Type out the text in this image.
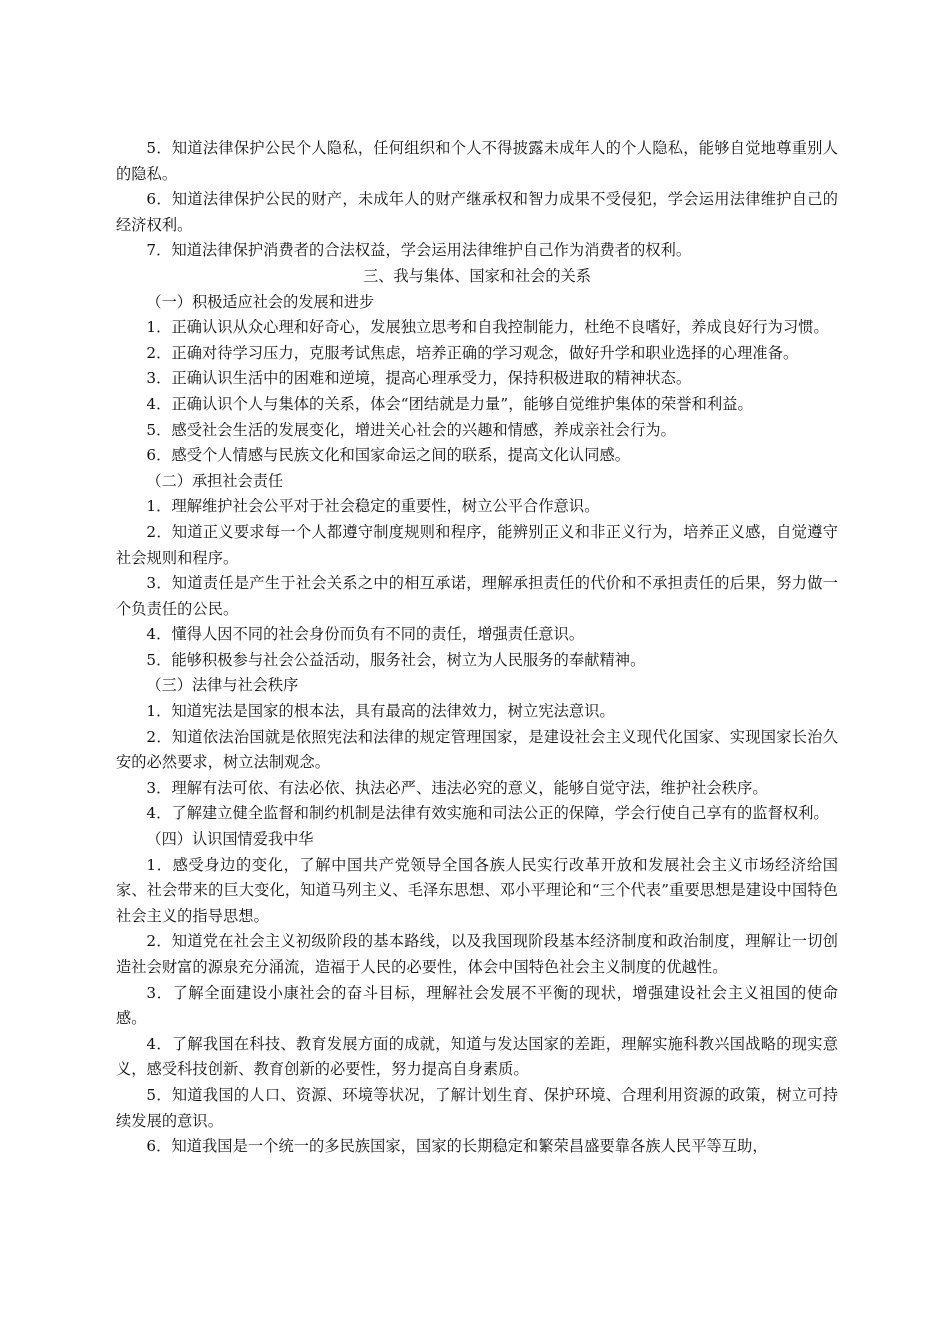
5．知道法律保护公民个人隐私，任何组织和个人不得披露未成年人的个人隐私，能够自觉地尊重别人的隐私。

6．知道法律保护公民的财产，未成年人的财产继承权和智力成果不受侵犯，学会运用法律维护自己的经济权利。

7．知道法律保护消费者的合法权益，学会运用法律维护自己作为消费者的权利。

三、我与集体、国家和社会的关系

（一）积极适应社会的发展和进步

1．正确认识从众心理和好奇心，发展独立思考和自我控制能力，杜绝不良嗜好，养成良好行为习惯。

2．正确对待学习压力，克服考试焦虑，培养正确的学习观念，做好升学和职业选择的心理准备。

3．正确认识生活中的困难和逆境，提高心理承受力，保持积极进取的精神状态。

4．正确认识个人与集体的关系，体会“团结就是力量”，能够自觉维护集体的荣誉和利益。

5．感受社会生活的发展变化，增进关心社会的兴趣和情感，养成亲社会行为。

6．感受个人情感与民族文化和国家命运之间的联系，提高文化认同感。

（二）承担社会责任

1．理解维护社会公平对于社会稳定的重要性，树立公平合作意识。

2．知道正义要求每一个人都遵守制度规则和程序，能辨别正义和非正义行为，培养正义感，自觉遵守社会规则和程序。

3．知道责任是产生于社会关系之中的相互承诺，理解承担责任的代价和不承担责任的后果，努力做一个负责任的公民。

4．懂得人因不同的社会身份而负有不同的责任，增强责任意识。

5．能够积极参与社会公益活动，服务社会，树立为人民服务的奉献精神。

（三）法律与社会秩序

1．知道宪法是国家的根本法，具有最高的法律效力，树立宪法意识。

2．知道依法治国就是依照宪法和法律的规定管理国家，是建设社会主义现代化国家、实现国家长治久安的必然要求，树立法制观念。

3．理解有法可依、有法必依、执法必严、违法必究的意义，能够自觉守法，维护社会秩序。

4．了解建立健全监督和制约机制是法律有效实施和司法公正的保障，学会行使自己享有的监督权利。

（四）认识国情爱我中华

1．感受身边的变化，了解中国共产党领导全国各族人民实行改革开放和发展社会主义市场经济给国家、社会带来的巨大变化，知道马列主义、毛泽东思想、邓小平理论和“三个代表”重要思想是建设中国特色社会主义的指导思想。

2．知道党在社会主义初级阶段的基本路线，以及我国现阶段基本经济制度和政治制度，理解让一切创造社会财富的源泉充分涌流，造福于人民的必要性，体会中国特色社会主义制度的优越性。

3．了解全面建设小康社会的奋斗目标，理解社会发展不平衡的现状，增强建设社会主义祖国的使命感。

4．了解我国在科技、教育发展方面的成就，知道与发达国家的差距，理解实施科教兴国战略的现实意义，感受科技创新、教育创新的必要性，努力提高自身素质。

5．知道我国的人口、资源、环境等状况，了解计划生育、保护环境、合理利用资源的政策，树立可持续发展的意识。

6．知道我国是一个统一的多民族国家，国家的长期稳定和繁荣昌盛要靠各族人民平等互助，
